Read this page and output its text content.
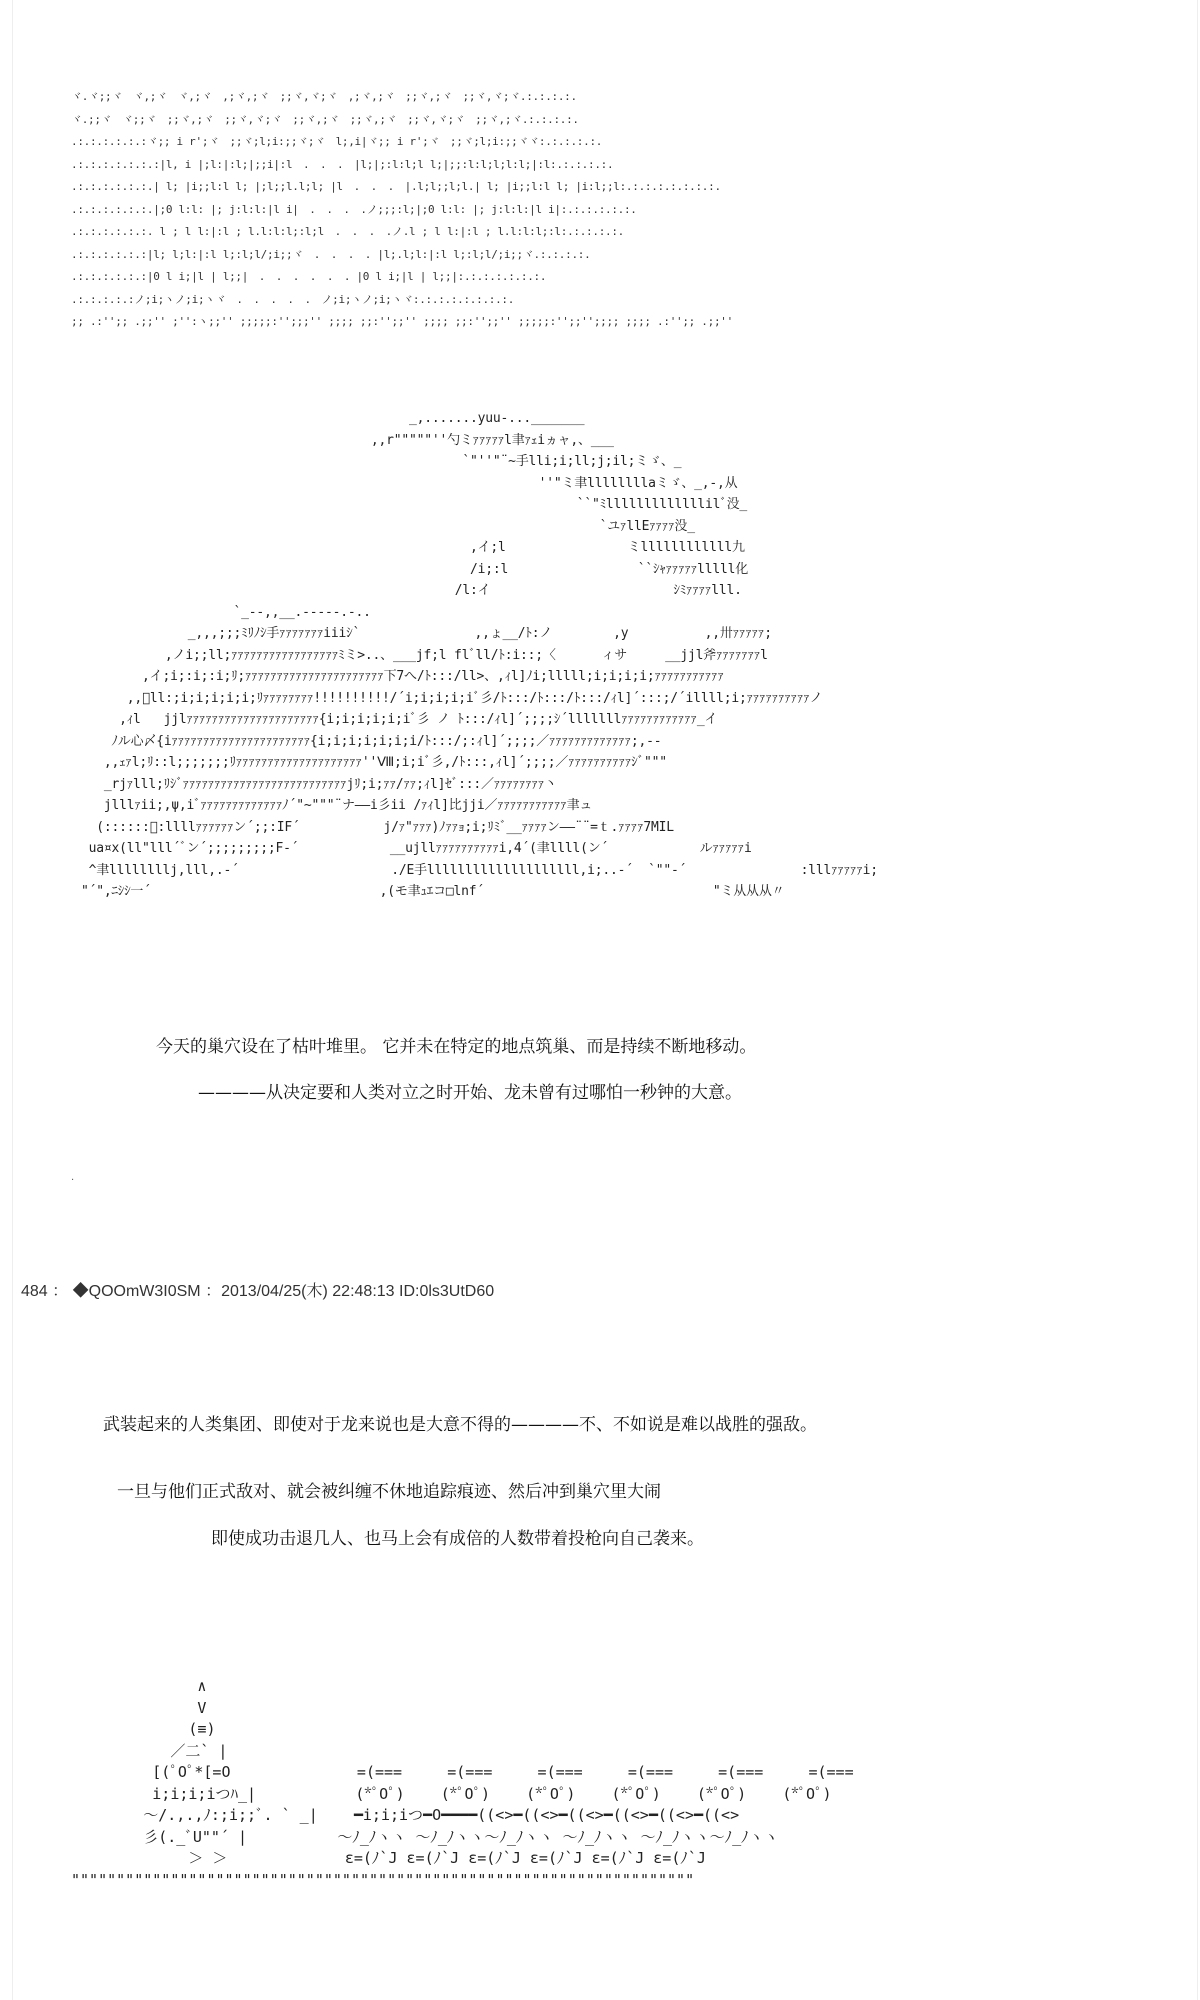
ヾ.ヾ;;ヾ　ヾ,;ヾ　ヾ,;ヾ　,;ヾ,;ヾ　;;ヾ,ヾ;ヾ　,;ヾ,;ヾ　;;ヾ,;ヾ　;;ヾ,ヾ;ヾ.:.:.:.:.
ヾ.;;ヾ　ヾ;;ヾ　;;ヾ,;ヾ　;;ヾ,ヾ;ヾ　;;ヾ,;ヾ　;;ヾ,;ヾ　;;ヾ,ヾ;ヾ　;;ヾ,;ヾ.:.:.:.:.
.:.:.:.:.:.:ヾ;; i r';ヾ　;;ヾ;l;i:;;ヾ;ヾ　l;,i|ヾ;; i r';ヾ　;;ヾ;l;i:;;ヾヾ:.:.:.:.:.
.:.:.:.:.:.:.:|l, i |;l:|:l;|;;i|:l　.　.　.　|l;|;:l:l;l l;|;;:l:l;l;l:l;|:l:.:.:.:.:.
.:.:.:.:.:.:.| l; |i;;l:l l; |;l;;l.l;l; |l　.　.　.　|.l;l;;l;l.| l; |i;;l:l l; |i:l;;l:.:.:.:.:.:.:.:.
.:.:.:.:.:.:.|;0 l:l: |; j:l:l:|l i|　.　.　.　.ノ;;;:l;|;0 l:l: |; j:l:l:|l i|:.:.:.:.:.:.
.:.:.:.:.:.:. l ; l l:|:l ; l.l:l:l;:l;l　.　.　.　.ノ.l ; l l:|:l ; l.l:l:l;:l:.:.:.:.:.
.:.:.:.:.:.:|l; l;l:|:l l;:l;l/;i;;ヾ　.　.　.　. |l;.l;l:|:l l;:l;l/;i;;ヾ.:.:.:.:.
.:.:.:.:.:.:|0 l i;|l | l;;|　.　.　.　.　.　. |0 l i;|l | l;;|:.:.:.:.:.:.:.
.:.:.:.:.:ノ;i;ヽノ;i;ヽヾ　.　.　.　.　.　ノ;i;ヽノ;i;ヽヾ:.:.:.:.:.:.:.:.
;; .:'';; .;;'' ;'':ヽ;;'' ;;;;;:'';;;'' ;;;; ;;:'';;'' ;;;; ;;:'';;'' ;;;;;:'';;'';;;; ;;;; .:'';; .;;''
_,.......yuu-..._______
,,r"""""''勺ミｧｧｧｧｧl聿ｧｪiヵャ,、___
`"''"¨~手lli;i;ll;j;il;ミゞ、_
''"ミ聿llllllllaミゞ、_,-,从
``"ﾐlllllllllllllilﾞ没_
`ユｧllEｧｧｧｧ没_
,イ;l                ミllllllllllll九
/i;:l                 ``ｼｬｧｧｧｧｧlllll化
/l:イ                        ｼﾐｧｧｧｧlll.
`_--,,__.-----.-..
_,,,;;;ﾐﾘﾉｼ手ｧｧｧｧｧｧｧiiiｼ`               ,,ょ__/ﾄ:ノ        ,y          ,,卅ｧｧｧｧｧ;
,ノi;;ll;ｧｧｧｧｧｧｧｧｧｧｧｧｧｧｧｧｧﾐミ>..、___jf;l flﾞll/ﾄ:i::;〈      ィサ     __jjl斧ｧｧｧｧｧｧｧl
,イ;i;:i;:i;ﾘ;ｧｧｧｧｧｧｧｧｧｧｧｧｧｧｧｧｧｧｧｧｧｧ下7へ/ﾄ:::/ll>、,ｨl]ﾉi;lllll;i;i;i;i;ｧｧｧｧｧｧｧｧｧｧｧ
,,ﾞll:;i;i;i;i;i;ﾘｧｧｧｧｧｧｧｧ!!!!!!!!!!/´i;i;i;i;iﾞ彡/ﾄ:::/ﾄ:::/ﾄ:::/ｨl]´:::;/´illll;i;ｧｧｧｧｧｧｧｧｧｧノ
,ｨl   jjlｧｧｧｧｧｧｧｧｧｧｧｧｧｧｧｧｧｧｧｧｧ{i;i;i;i;i;iﾞ彡 ノ ﾄ:::/ｨl]´;;;;ｼ´lllllllｧｧｧｧｧｧｧｧｧｧｧｧ_イ
ﾉル心〆{iｧｧｧｧｧｧｧｧｧｧｧｧｧｧｧｧｧｧｧｧｧｧ{i;i;i;i;i;i;i/ﾄ:::/;:ｨl]´;;;;／ｧｧｧｧｧｧｧｧｧｧｧｧｧ;,--
,,ｪｧl;ﾘ::l;;;;;;;ﾘｧｧｧｧｧｧｧｧｧｧｧｧｧｧｧｧｧｧｧｧ''Ⅷ;i;iﾞ彡,/ﾄ:::,ｨl]´;;;;／ｧｧｧｧｧｧｧｧｧｧｼﾞ"""
_rjｧlll;ﾘｼﾞｧｧｧｧｧｧｧｧｧｧｧｧｧｧｧｧｧｧｧｧｧｧｧｧｧｧjﾘ;i;ｧｧ/ｧｧ;ｨl]ｾﾞ:::／ｧｧｧｧｧｧｧｧ丶
jlllｧii;,ψ,iﾞｧｧｧｧｧｧｧｧｧｧｧｧｧﾉ´"~"""¨ナ――i彡ii /ｧｨl]比jji／ｧｧｧｧｧｧｧｧｧｧｧ聿ュ
(::::::ﾞ:llllｧｧｧｧｧｧン´;;:IF´           j/ｧ"ｧｧｧ)ﾉｧｧｮ;i;ﾘﾐﾞ__ｧｧｧｧン――¨¨=ｔ.ｧｧｧｧ7MIL
ua¤x(ll"lll´ﾞン´;;;;;;;;;F-´            __ujllｧｧｧｧｧｧｧｧｧｧi,4´(聿llll(ン´            ルｧｧｧｧｧi
^聿llllllllj,lll,.-´                    ./E手llllllllllllllllllll,i;..-´  `""‐´               :lllｧｧｧｧｧi;
"´",ﾆｼｼ一´                              ,(モ聿ｭｴコ□lnf´                              "ミ从从从〃
今天的巢穴设在了枯叶堆里。 它并未在特定的地点筑巢、而是持续不断地移动。
————从决定要和人类对立之时开始、龙未曾有过哪怕一秒钟的大意。
.
484 ： ◆QOOmW3I0SM ：2013/04/25(木) 22:48:13 ID:0ls3UtD60
武装起来的人类集团、即使对于龙来说也是大意不得的————不、不如说是难以战胜的强敌。
一旦与他们正式敌对、就会被纠缠不休地追踪痕迹、然后冲到巢穴里大闹
即使成功击退几人、也马上会有成倍的人数带着投枪向自己袭来。
∧
V
(≡)
／二` |
[(ﾟOﾟ*[=O              =(===     =(===     =(===     =(===     =(===     =(===
i;i;i;iつﾊ_|           (*ﾟOﾟ)    (*ﾟOﾟ)    (*ﾟOﾟ)    (*ﾟOﾟ)    (*ﾟOﾟ)    (*ﾟOﾟ)
～/.,.,ﾉ:;i;;ﾞ. ` _|    ━i;i;iつ━O━━━━((<>━((<>━((<>━((<>━((<>━((<>
彡(._ﾞU""´ |          ～ﾉ_ﾉヽヽ ～ﾉ_ﾉヽヽ～ﾉ_ﾉヽヽ ～ﾉ_ﾉヽヽ ～ﾉ_ﾉヽヽ～ﾉ_ﾉヽヽ
＞ ＞             ε=(ﾉ`J ε=(ﾉ`J ε=(ﾉ`J ε=(ﾉ`J ε=(ﾉ`J ε=(ﾉ`J
"""""""""""""""""""""""""""""""""""""""""""""""""""""""""""""""""""""
